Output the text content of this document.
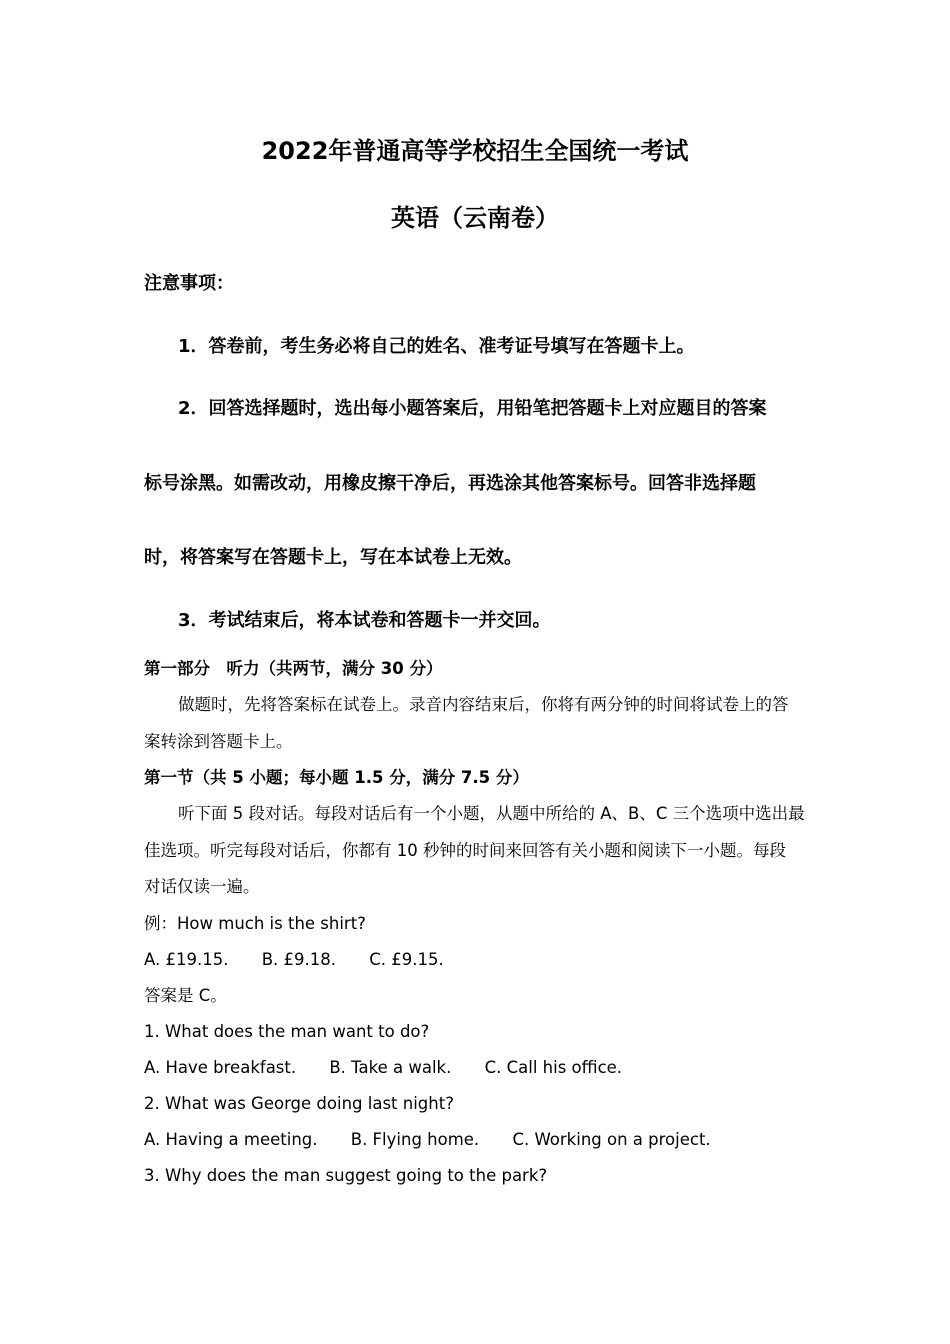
2022年普通高等学校招生全国统一考试
英语（云南卷）
注意事项：
1．答卷前，考生务必将自己的姓名、准考证号填写在答题卡上。
2．回答选择题时，选出每小题答案后，用铅笔把答题卡上对应题目的答案
标号涂黑。如需改动，用橡皮擦干净后，再选涂其他答案标号。回答非选择题
时，将答案写在答题卡上，写在本试卷上无效。
3．考试结束后，将本试卷和答题卡一并交回。
第一部分　听力（共两节，满分 30 分）
做题时，先将答案标在试卷上。录音内容结束后，你将有两分钟的时间将试卷上的答
案转涂到答题卡上。
第一节（共 5 小题；每小题 1.5 分，满分 7.5 分）
听下面 5 段对话。每段对话后有一个小题，从题中所给的 A、B、C 三个选项中选出最
佳选项。听完每段对话后，你都有 10 秒钟的时间来回答有关小题和阅读下一小题。每段
对话仅读一遍。
例：How much is the shirt?
A. £19.15. B. £9.18. C. £9.15.
答案是 C。
1. What does the man want to do?
A. Have breakfast. B. Take a walk. C. Call his office.
2. What was George doing last night?
A. Having a meeting. B. Flying home. C. Working on a project.
3. Why does the man suggest going to the park?
